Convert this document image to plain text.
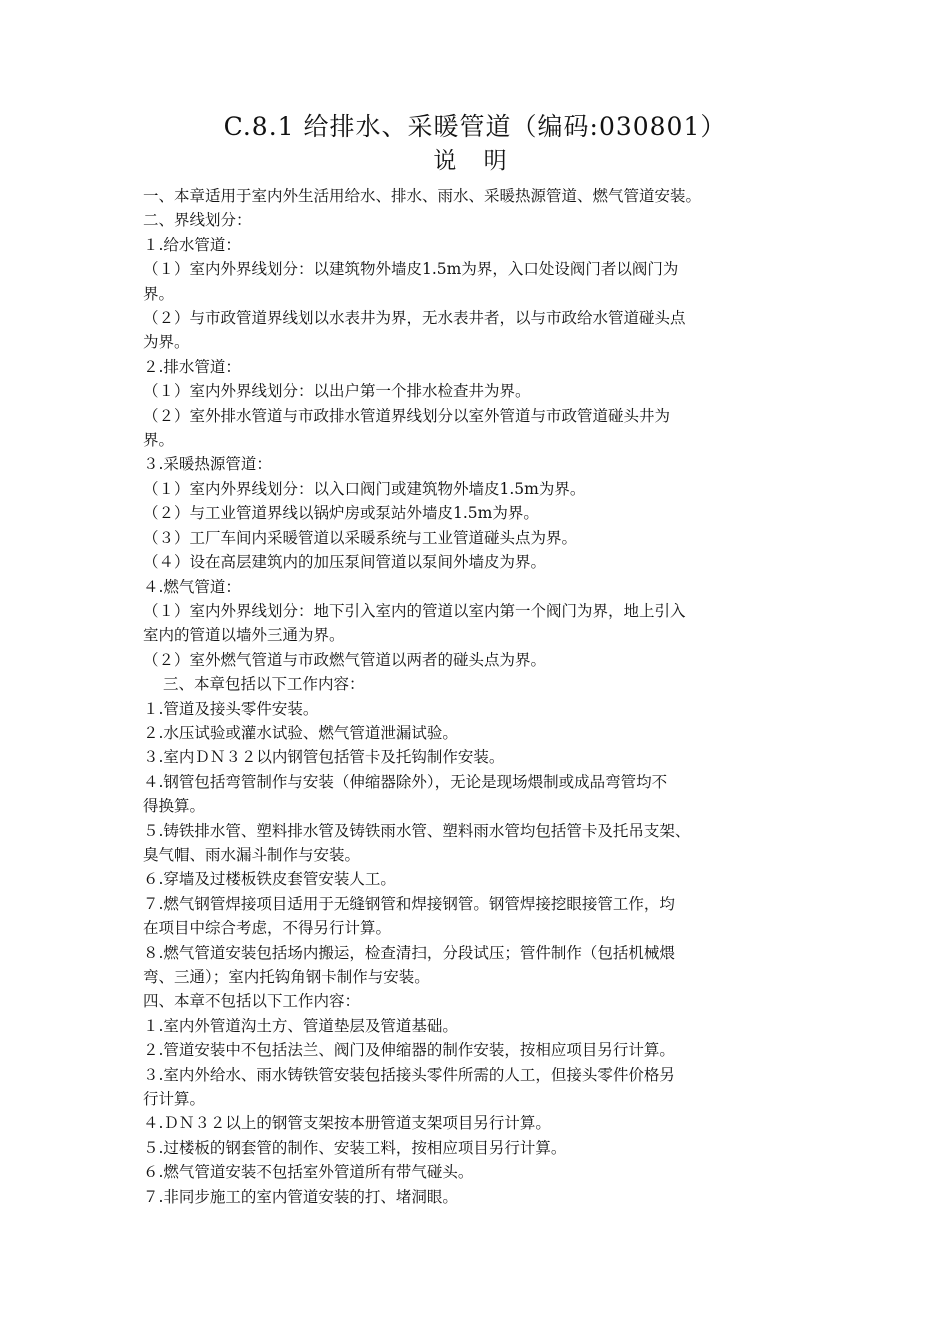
C.8.1 给排水、采暖管道（编码:030801）
说 明
一、本章适用于室内外生活用给水、排水、雨水、采暖热源管道、燃气管道安装。
二、界线划分：
１.给水管道：
（１）室内外界线划分：以建筑物外墙皮1.5m为界，入口处设阀门者以阀门为
界。
（２）与市政管道界线划以水表井为界，无水表井者，以与市政给水管道碰头点
为界。
２.排水管道：
（１）室内外界线划分：以出户第一个排水检查井为界。
（２）室外排水管道与市政排水管道界线划分以室外管道与市政管道碰头井为
界。
３.采暖热源管道：
（１）室内外界线划分：以入口阀门或建筑物外墙皮1.5m为界。
（２）与工业管道界线以锅炉房或泵站外墙皮1.5m为界。
（３）工厂车间内采暖管道以采暖系统与工业管道碰头点为界。
（４）设在高层建筑内的加压泵间管道以泵间外墙皮为界。
４.燃气管道：
（１）室内外界线划分：地下引入室内的管道以室内第一个阀门为界，地上引入
室内的管道以墙外三通为界。
（２）室外燃气管道与市政燃气管道以两者的碰头点为界。
三、本章包括以下工作内容：
１.管道及接头零件安装。
２.水压试验或灌水试验、燃气管道泄漏试验。
３.室内ＤＮ３２以内钢管包括管卡及托钩制作安装。
４.钢管包括弯管制作与安装（伸缩器除外），无论是现场煨制或成品弯管均不
得换算。
５.铸铁排水管、塑料排水管及铸铁雨水管、塑料雨水管均包括管卡及托吊支架、
臭气帽、雨水漏斗制作与安装。
６.穿墙及过楼板铁皮套管安装人工。
７.燃气钢管焊接项目适用于无缝钢管和焊接钢管。钢管焊接挖眼接管工作，均
在项目中综合考虑，不得另行计算。
８.燃气管道安装包括场内搬运，检查清扫，分段试压；管件制作（包括机械煨
弯、三通）；室内托钩角钢卡制作与安装。
四、本章不包括以下工作内容：
１.室内外管道沟土方、管道垫层及管道基础。
２.管道安装中不包括法兰、阀门及伸缩器的制作安装，按相应项目另行计算。
３.室内外给水、雨水铸铁管安装包括接头零件所需的人工，但接头零件价格另
行计算。
４.ＤＮ３２以上的钢管支架按本册管道支架项目另行计算。
５.过楼板的钢套管的制作、安装工料，按相应项目另行计算。
６.燃气管道安装不包括室外管道所有带气碰头。
７.非同步施工的室内管道安装的打、堵洞眼。
